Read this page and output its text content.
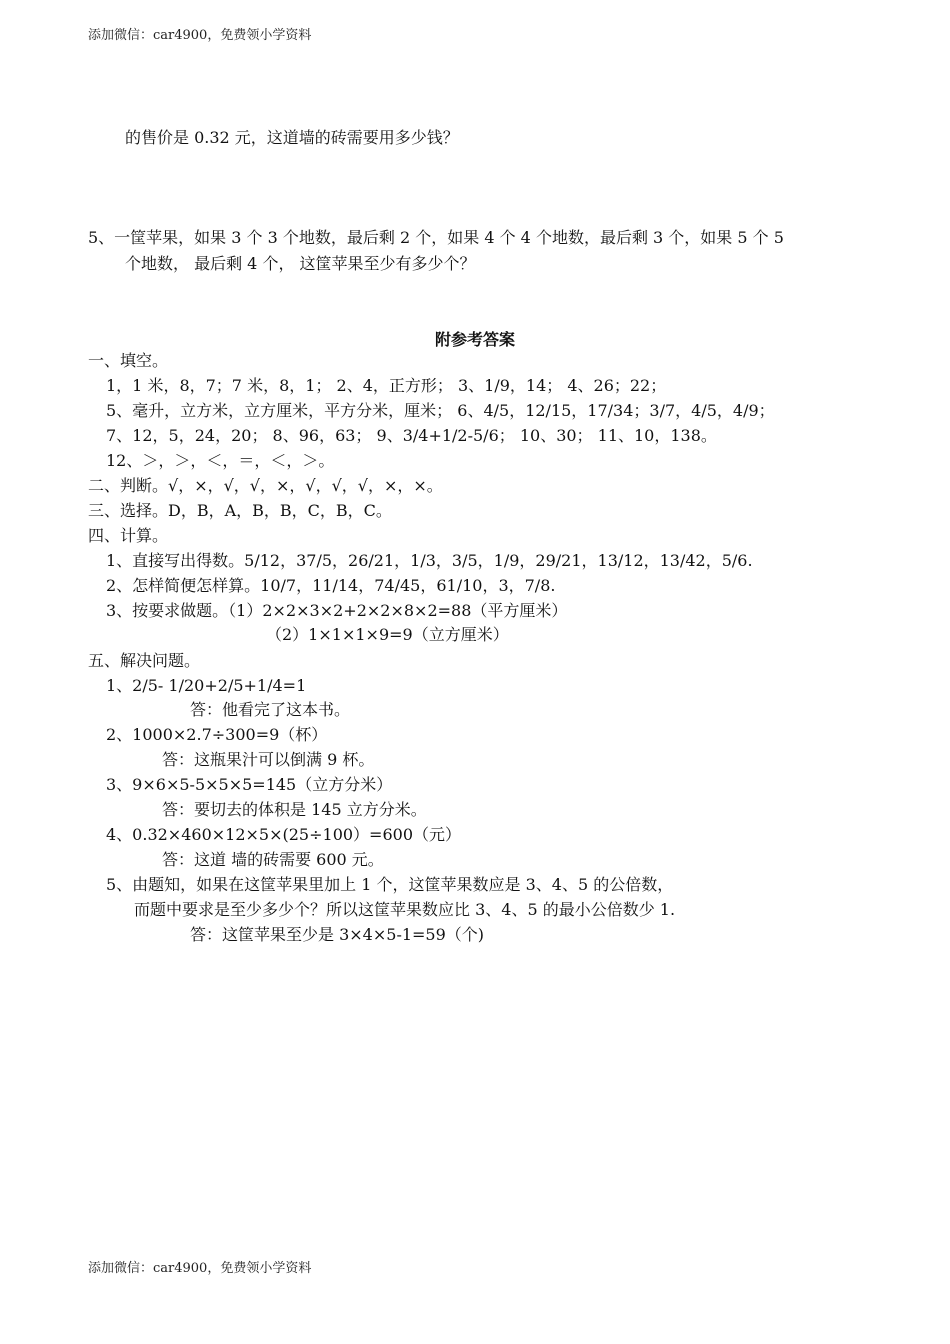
添加微信：car4900，免费领小学资料
的售价是 0.32 元，这道墙的砖需要用多少钱？
5、一筐苹果，如果 3 个 3 个地数，最后剩 2 个，如果 4 个 4 个地数，最后剩 3 个，如果 5 个 5
个地数， 最后剩 4 个， 这筐苹果至少有多少个？
附参考答案
一、填空。
1，1 米，8，7；7 米，8，1； 2、4，正方形； 3、1/9，14； 4、26；22；
5、毫升，立方米，立方厘米，平方分米，厘米； 6、4/5，12/15，17/34；3/7，4/5，4/9；
7、12，5，24，20； 8、96，63； 9、3/4+1/2-5/6； 10、30； 11、10，138。
12、＞，＞，＜，＝，＜，＞。
二、判断。√，×，√，√，×，√，√，√，×，×。
三、选择。D，B，A，B，B，C，B，C。
四、计算。
1、直接写出得数。5/12，37/5，26/21，1/3，3/5，1/9，29/21，13/12，13/42，5/6.
2、怎样简便怎样算。10/7，11/14，74/45，61/10，3，7/8.
3、按要求做题。（1）2×2×3×2+2×2×8×2=88（平方厘米）
（2）1×1×1×9=9（立方厘米）
五、解决问题。
1、2/5- 1/20+2/5+1/4=1
答：他看完了这本书。
2、1000×2.7÷300=9（杯）
答：这瓶果汁可以倒满 9 杯。
3、9×6×5-5×5×5=145（立方分米）
答：要切去的体积是 145 立方分米。
4、0.32×460×12×5×(25÷100）=600（元）
答：这道 墙的砖需要 600 元。
5、由题知，如果在这筐苹果里加上 1 个，这筐苹果数应是 3、4、5 的公倍数，
而题中要求是至少多少个？所以这筐苹果数应比 3、4、5 的最小公倍数少 1.
答：这筐苹果至少是 3×4×5-1=59（个)
添加微信：car4900，免费领小学资料
